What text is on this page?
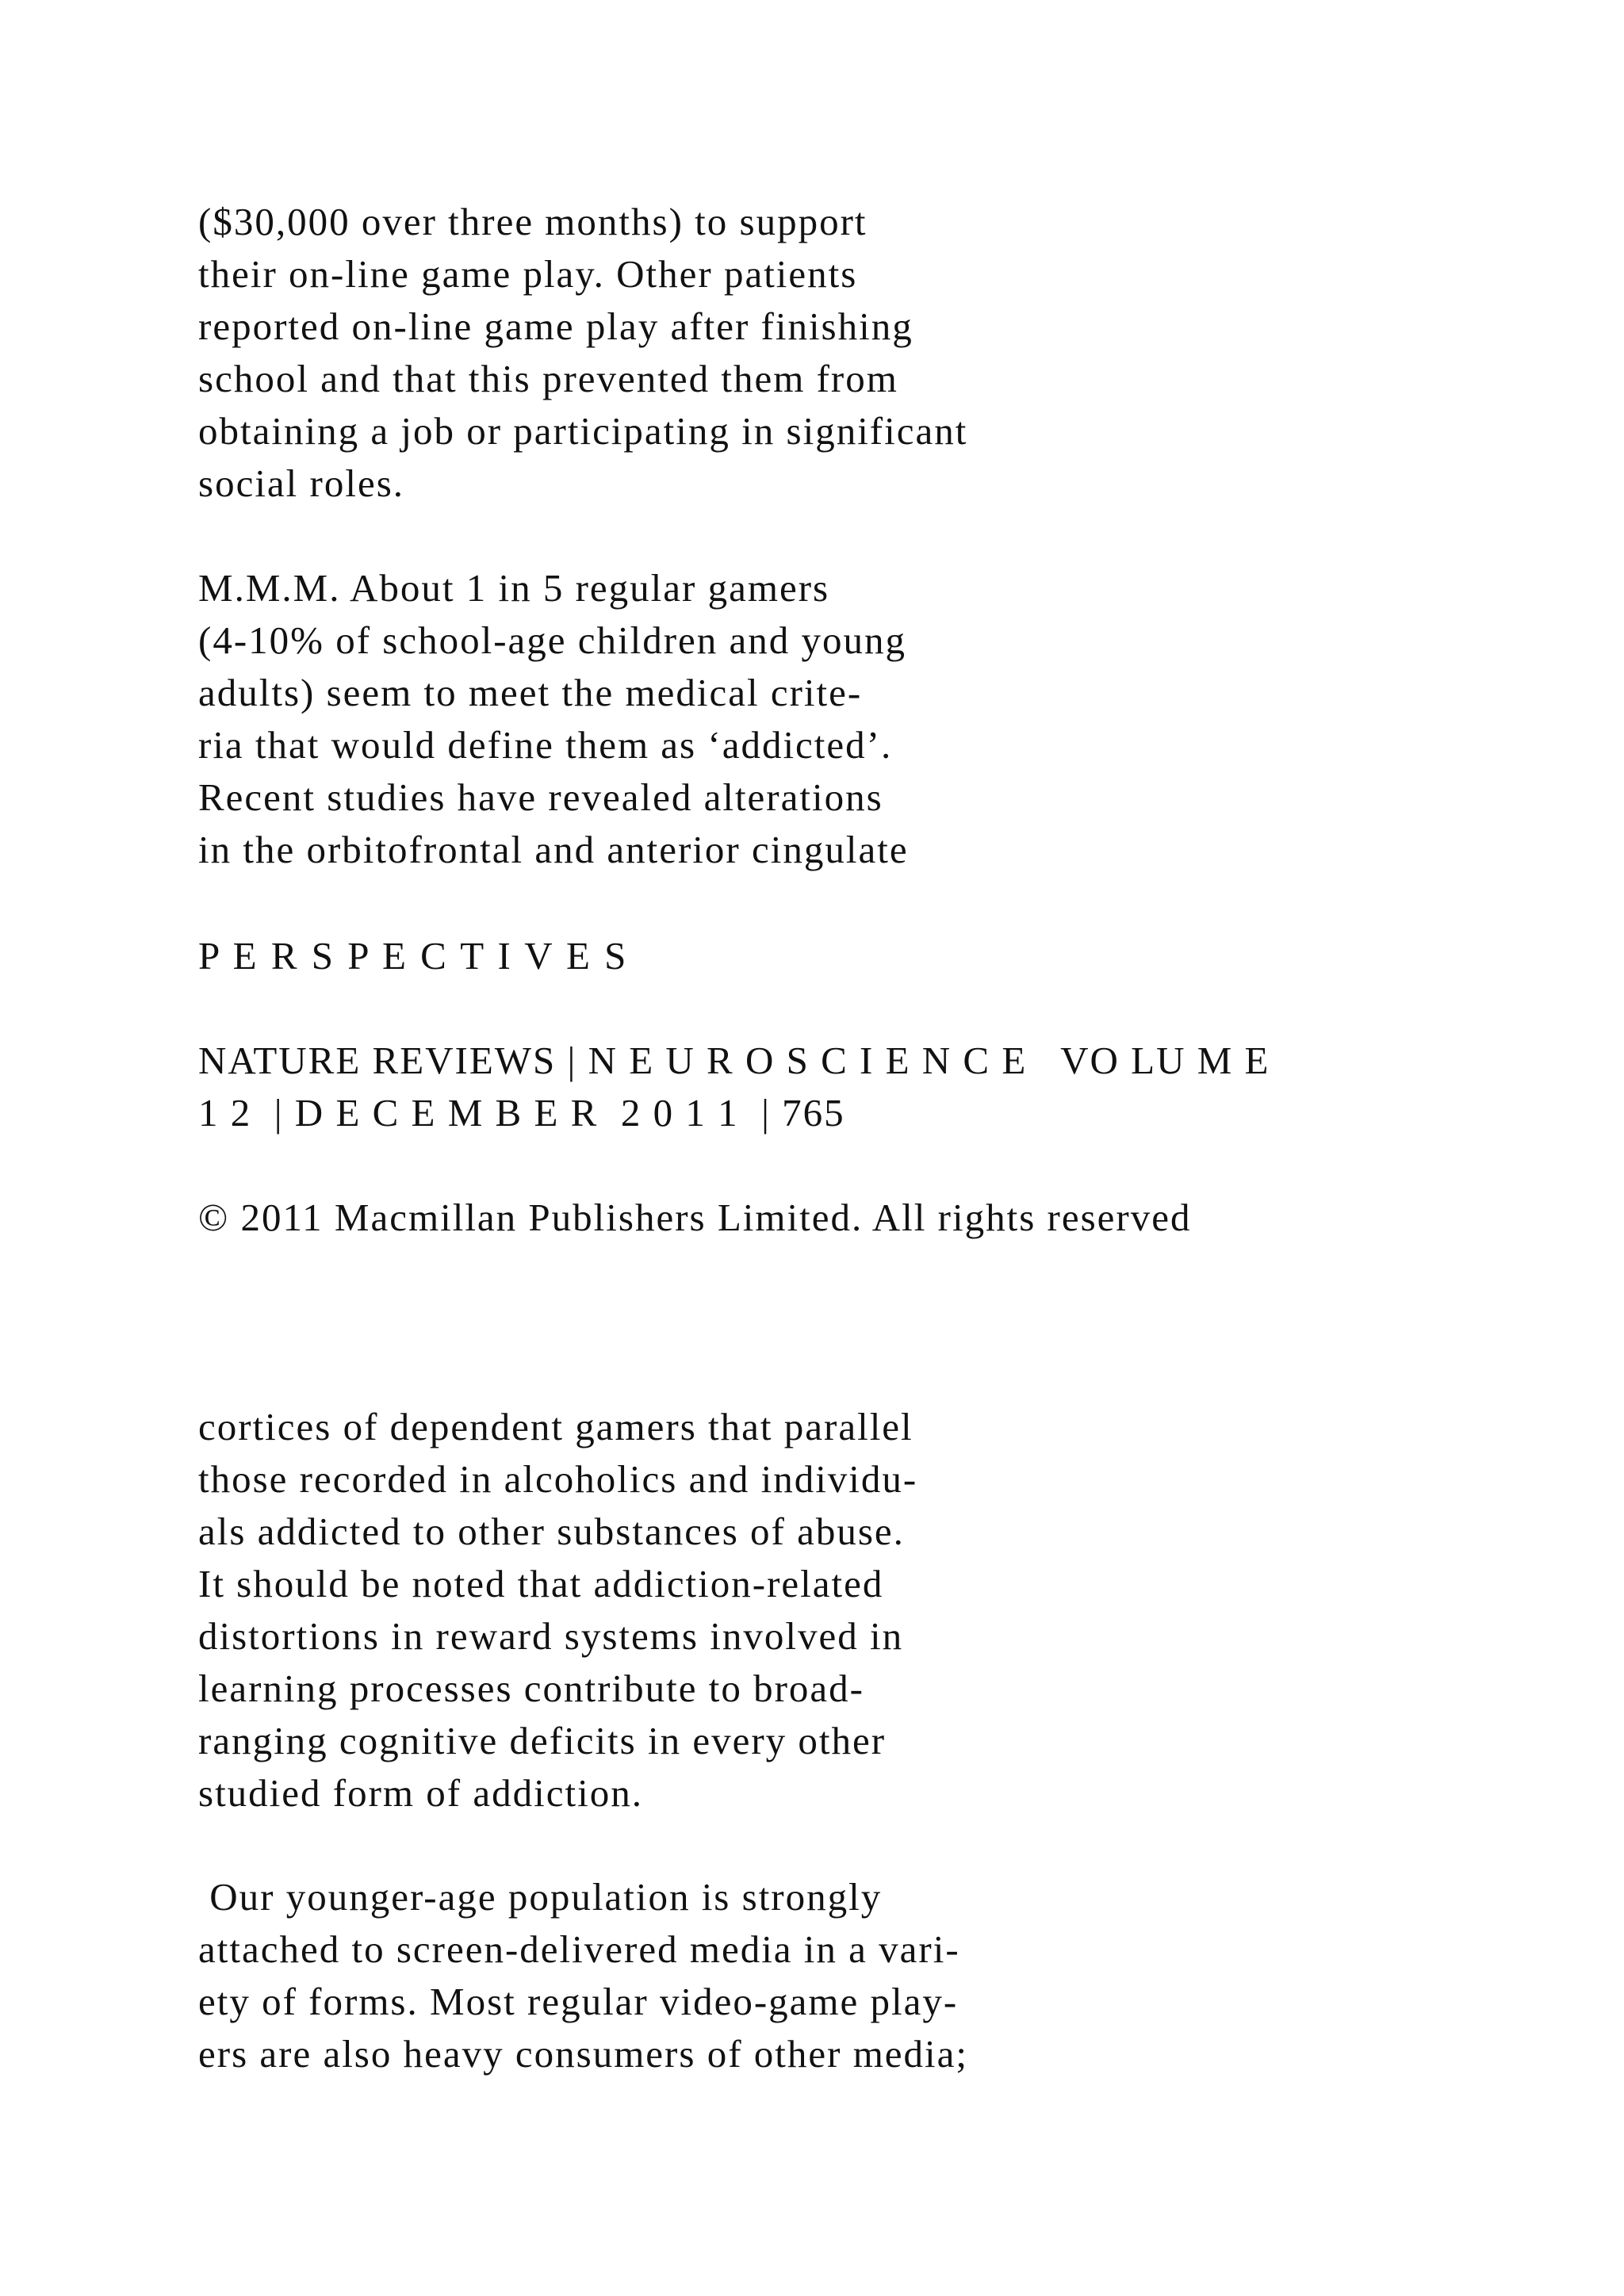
($30,000 over three months) to support
their on-line game play. Other patients
reported on-line game play after finishing
school and that this prevented them from
obtaining a job or participating in significant
social roles.
M.M.M. About 1 in 5 regular gamers
(4-10% of school-age children and young
adults) seem to meet the medical crite-
ria that would define them as ‘addicted’.
Recent studies have revealed alterations
in the orbitofrontal and anterior cingulate
P E R S P E C T I V E S
NATURE REVIEWS | N E U R O S C I E N C E   VO LU M E
1 2  | D E C E M B E R  2 0 1 1  | 765
© 2011 Macmillan Publishers Limited. All rights reserved
cortices of dependent gamers that parallel
those recorded in alcoholics and individu-
als addicted to other substances of abuse.
It should be noted that addiction-related
distortions in reward systems involved in
learning processes contribute to broad-
ranging cognitive deficits in every other
studied form of addiction.
Our younger-age population is strongly
attached to screen-delivered media in a vari-
ety of forms. Most regular video-game play-
ers are also heavy consumers of other media;
